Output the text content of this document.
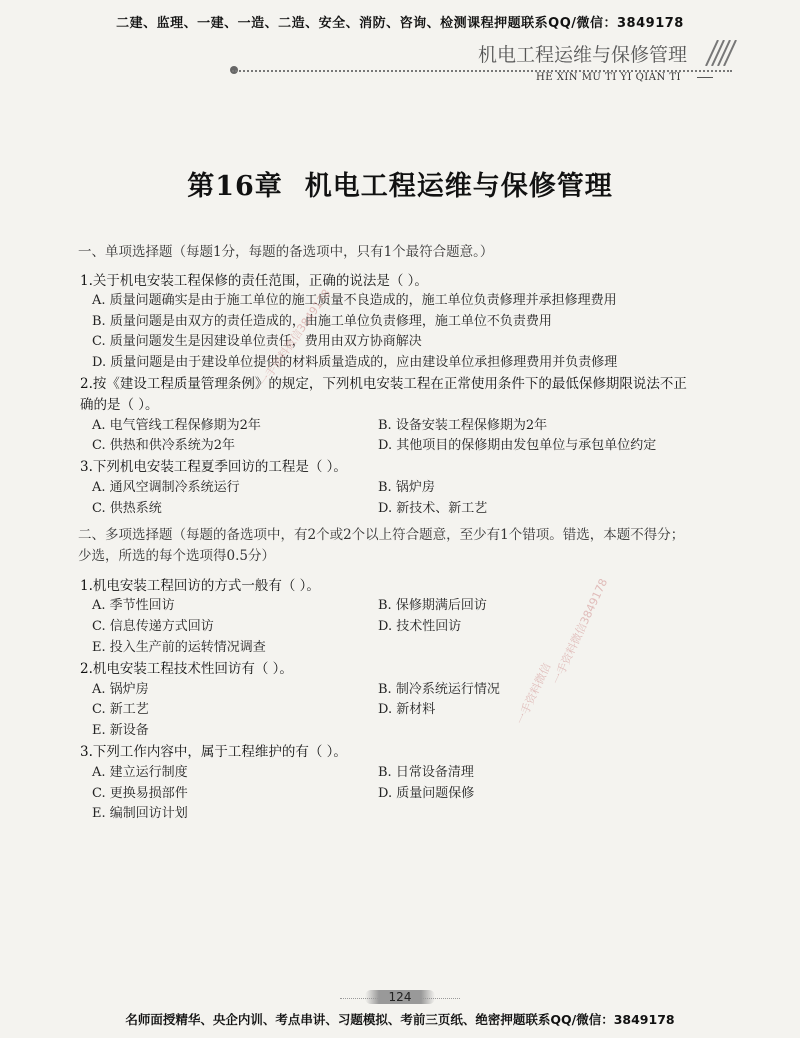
二建、监理、一建、一造、二造、安全、消防、咨询、检测课程押题联系QQ/微信：3849178
机电工程运维与保修管理
HE XIN MU TI YI QIAN TI
第16章 机电工程运维与保修管理
一、单项选择题（每题1分，每题的备选项中，只有1个最符合题意。）
1.关于机电安装工程保修的责任范围，正确的说法是（ ）。
A. 质量问题确实是由于施工单位的施工质量不良造成的，施工单位负责修理并承担修理费用
B. 质量问题是由双方的责任造成的，由施工单位负责修理，施工单位不负责费用
C. 质量问题发生是因建设单位责任，费用由双方协商解决
D. 质量问题是由于建设单位提供的材料质量造成的，应由建设单位承担修理费用并负责修理
2.按《建设工程质量管理条例》的规定，下列机电安装工程在正常使用条件下的最低保修期限说法不正
确的是（ ）。
A. 电气管线工程保修期为2年	B. 设备安装工程保修期为2年
C. 供热和供冷系统为2年	D. 其他项目的保修期由发包单位与承包单位约定
3.下列机电安装工程夏季回访的工程是（ ）。
A. 通风空调制冷系统运行	B. 锅炉房
C. 供热系统	D. 新技术、新工艺
二、多项选择题（每题的备选项中，有2个或2个以上符合题意，至少有1个错项。错选，本题不得分；
少选，所选的每个选项得0.5分）
1.机电安装工程回访的方式一般有（ ）。
A. 季节性回访	B. 保修期满后回访
C. 信息传递方式回访	D. 技术性回访
E. 投入生产前的运转情况调查
2.机电安装工程技术性回访有（ ）。
A. 锅炉房	B. 制冷系统运行情况
C. 新工艺	D. 新材料
E. 新设备
3.下列工作内容中，属于工程维护的有（ ）。
A. 建立运行制度	B. 日常设备清理
C. 更换易损部件	D. 质量问题保修
E. 编制回访计划
一手资料微信3849178
一手资料微信3849178
一手资料微信
124
名师面授精华、央企内训、考点串讲、习题模拟、考前三页纸、绝密押题联系QQ/微信：3849178
